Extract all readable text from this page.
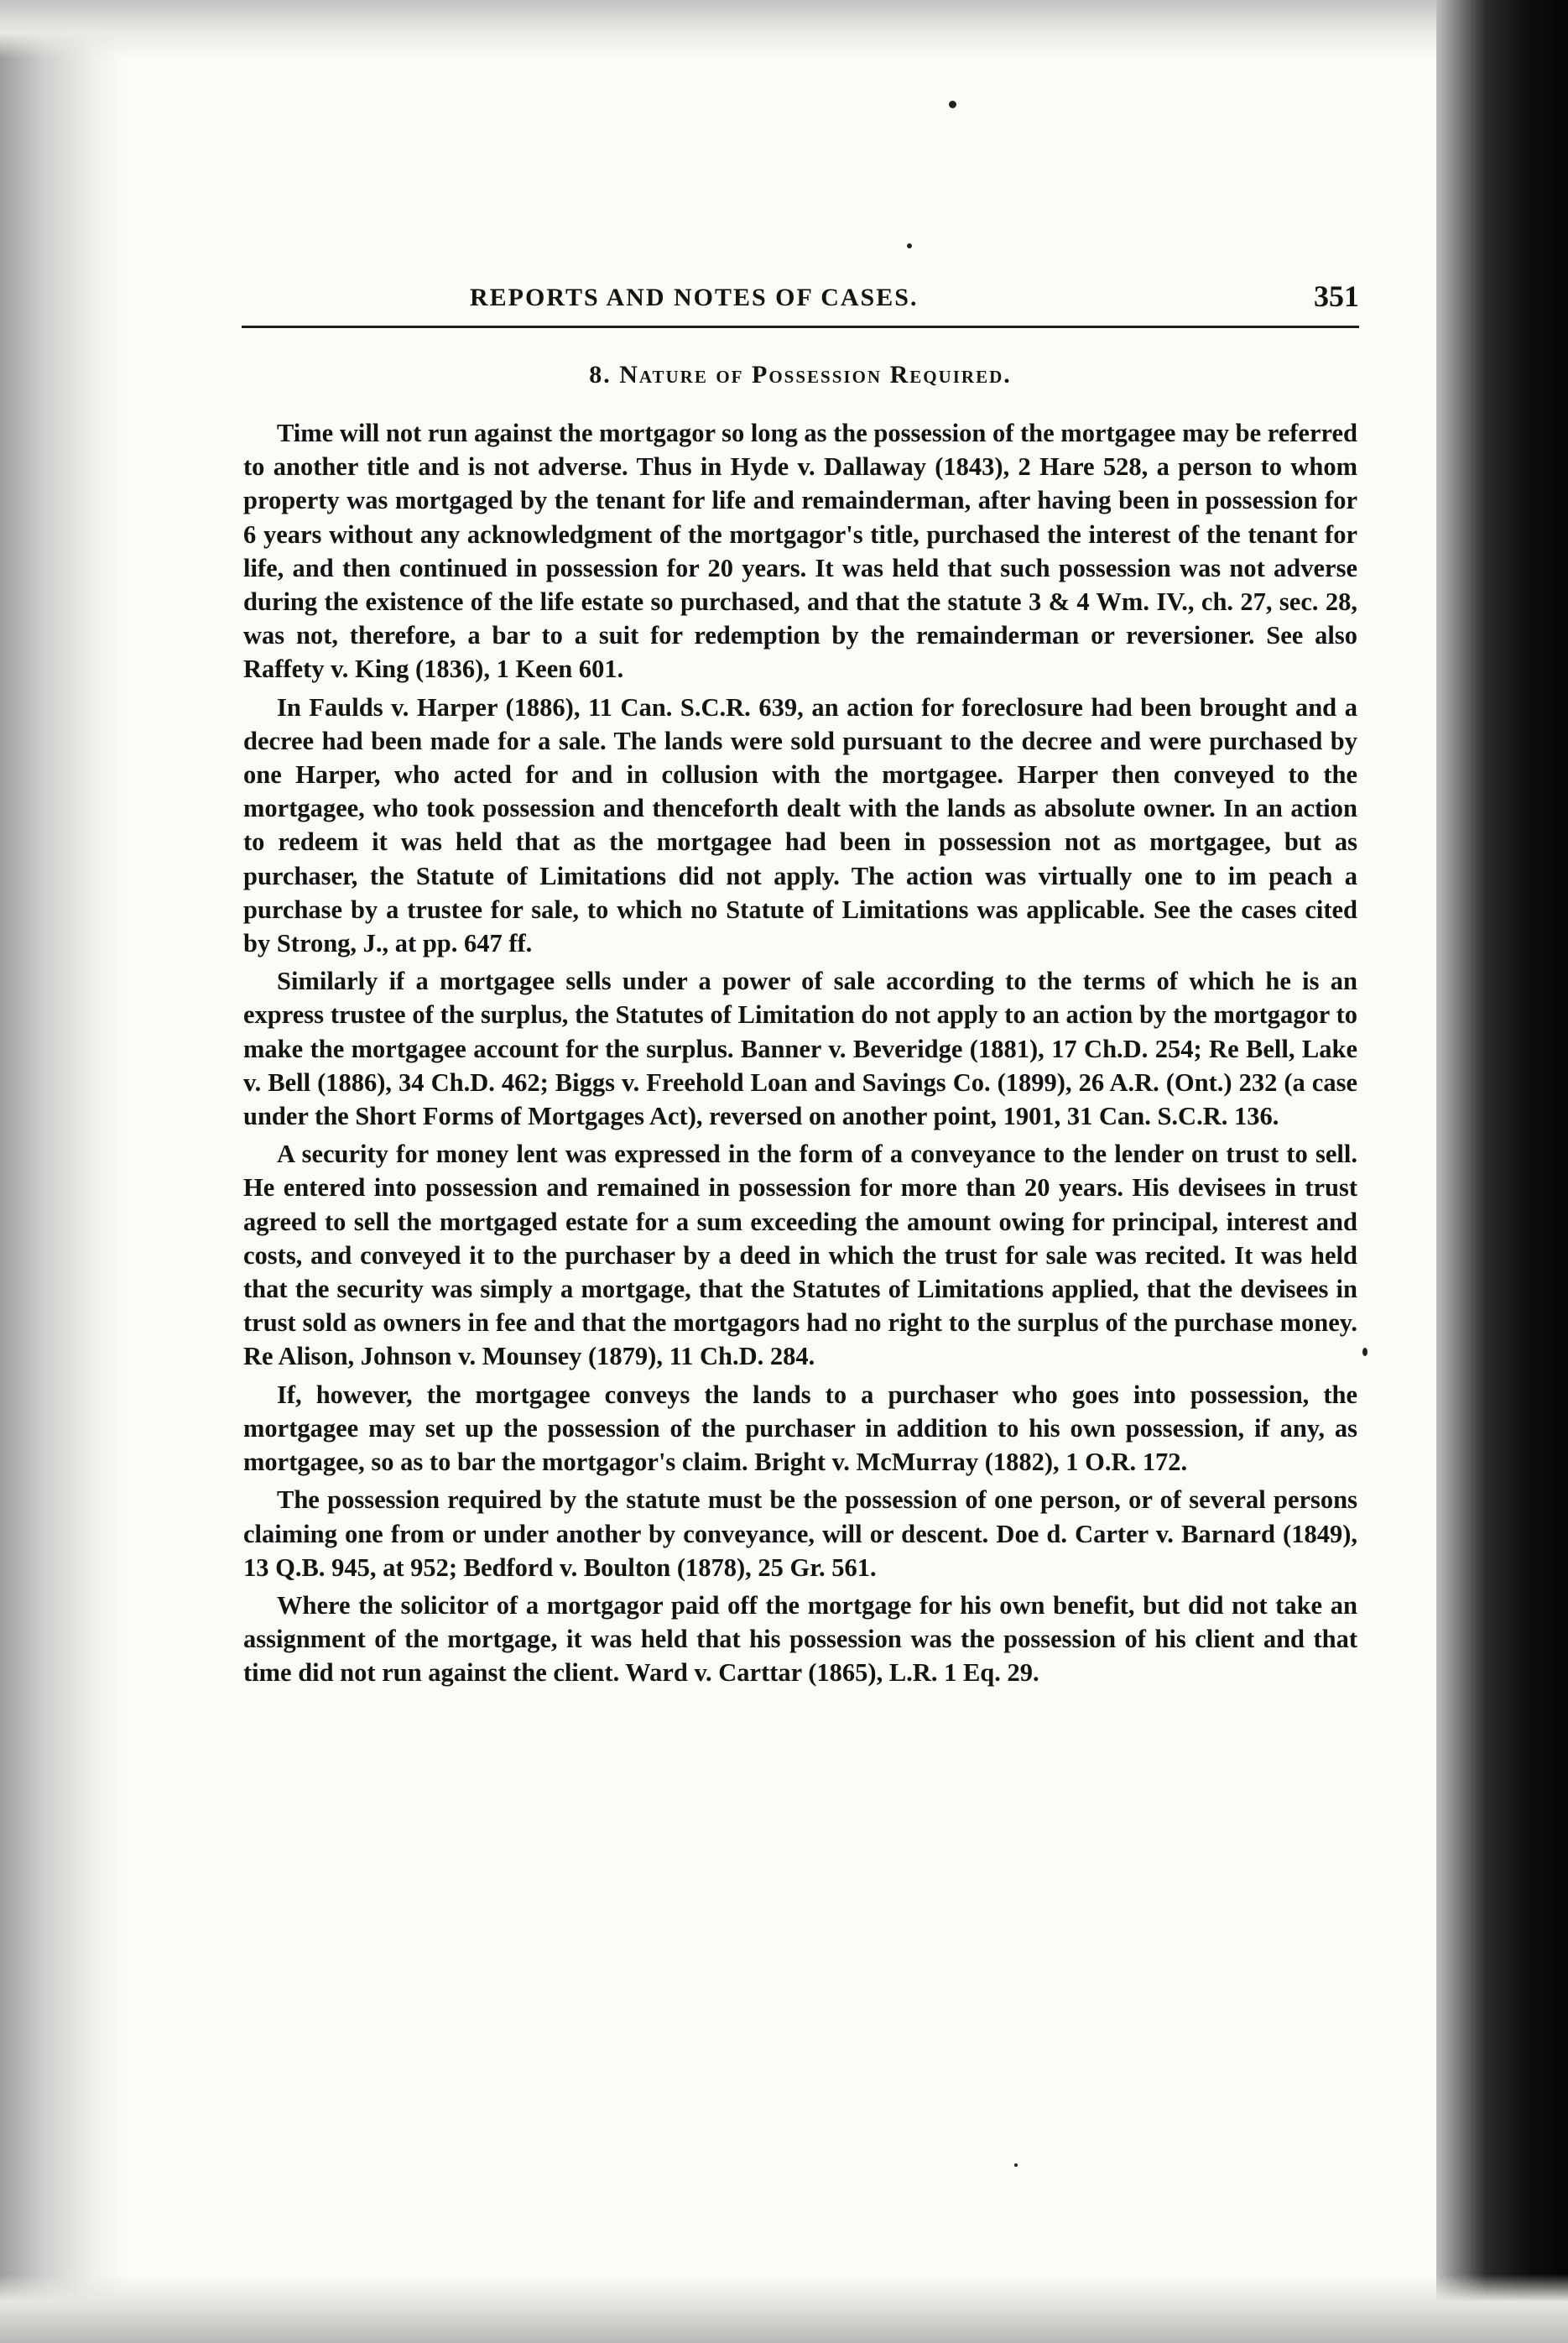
REPORTS AND NOTES OF CASES.	351
8. Nature of Possession Required.

Time will not run against the mortgagor so long as the possession of the mortgagee may be referred to another title and is not adverse. Thus in Hyde v. Dallaway (1843), 2 Hare 528, a person to whom property was mortgaged by the tenant for life and remainderman, after having been in possession for 6 years without any acknowledgment of the mortgagor's title, purchased the interest of the tenant for life, and then continued in possession for 20 years. It was held that such possession was not adverse during the existence of the life estate so purchased, and that the statute 3 & 4 Wm. IV., ch. 27, sec. 28, was not, therefore, a bar to a suit for redemption by the remainderman or reversioner. See also Raffety v. King (1836), 1 Keen 601.

In Faulds v. Harper (1886), 11 Can. S.C.R. 639, an action for foreclosure had been brought and a decree had been made for a sale. The lands were sold pursuant to the decree and were purchased by one Harper, who acted for and in collusion with the mortgagee. Harper then conveyed to the mortgagee, who took possession and thenceforth dealt with the lands as absolute owner. In an action to redeem it was held that as the mortgagee had been in possession not as mortgagee, but as purchaser, the Statute of Limitations did not apply. The action was virtually one to im peach a purchase by a trustee for sale, to which no Statute of Limitations was applicable. See the cases cited by Strong, J., at pp. 647 ff.

Similarly if a mortgagee sells under a power of sale according to the terms of which he is an express trustee of the surplus, the Statutes of Limitation do not apply to an action by the mortgagor to make the mortgagee account for the surplus. Banner v. Beveridge (1881), 17 Ch.D. 254; Re Bell, Lake v. Bell (1886), 34 Ch.D. 462; Biggs v. Freehold Loan and Savings Co. (1899), 26 A.R. (Ont.) 232 (a case under the Short Forms of Mortgages Act), reversed on another point, 1901, 31 Can. S.C.R. 136.

A security for money lent was expressed in the form of a conveyance to the lender on trust to sell. He entered into possession and remained in possession for more than 20 years. His devisees in trust agreed to sell the mortgaged estate for a sum exceeding the amount owing for principal, interest and costs, and conveyed it to the purchaser by a deed in which the trust for sale was recited. It was held that the security was simply a mortgage, that the Statutes of Limitations applied, that the devisees in trust sold as owners in fee and that the mortgagors had no right to the surplus of the purchase money. Re Alison, Johnson v. Mounsey (1879), 11 Ch.D. 284.

If, however, the mortgagee conveys the lands to a purchaser who goes into possession, the mortgagee may set up the possession of the purchaser in addition to his own possession, if any, as mortgagee, so as to bar the mortgagor's claim. Bright v. McMurray (1882), 1 O.R. 172.

The possession required by the statute must be the possession of one person, or of several persons claiming one from or under another by conveyance, will or descent. Doe d. Carter v. Barnard (1849), 13 Q.B. 945, at 952; Bedford v. Boulton (1878), 25 Gr. 561.

Where the solicitor of a mortgagor paid off the mortgage for his own benefit, but did not take an assignment of the mortgage, it was held that his possession was the possession of his client and that time did not run against the client. Ward v. Carttar (1865), L.R. 1 Eq. 29.
